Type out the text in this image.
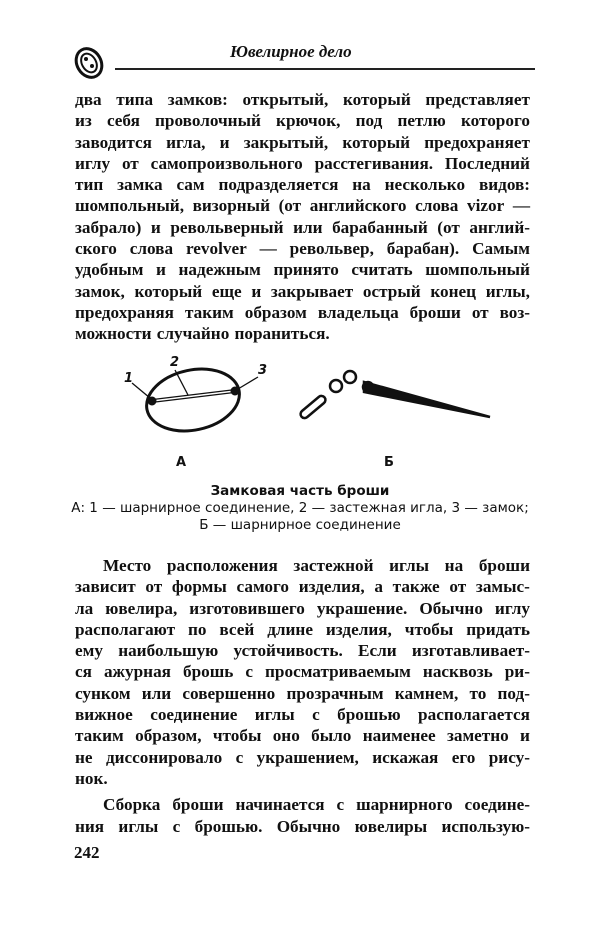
Ювелирное дело
два типа замков: открытый, который представляет
из себя проволочный крючок, под петлю которого
заводится игла, и закрытый, который предохраняет
иглу от самопроизвольного расстегивания. Последний
тип замка сам подразделяется на несколько видов:
шомпольный, визорный (от английского слова vizor —
забрало) и револьверный или барабанный (от англий-
ского слова revolver — револьвер, барабан). Самым
удобным и надежным принято считать шомпольный
замок, который еще и закрывает острый конец иглы,
предохраняя таким образом владельца броши от воз-
можности случайно пораниться.
1
2
3
А	Б
Замковая часть броши
А: 1 — шарнирное соединение, 2 — застежная игла, 3 — замок;
Б — шарнирное соединение
Место расположения застежной иглы на броши
зависит от формы самого изделия, а также от замыс-
ла ювелира, изготовившего украшение. Обычно иглу
располагают по всей длине изделия, чтобы придать
ему наибольшую устойчивость. Если изготавливает-
ся ажурная брошь с просматриваемым насквозь ри-
сунком или совершенно прозрачным камнем, то под-
вижное соединение иглы с брошью располагается
таким образом, чтобы оно было наименее заметно и
не диссонировало с украшением, искажая его рису-
нок.
Сборка броши начинается с шарнирного соедине-
ния иглы с брошью. Обычно ювелиры использую-
242
